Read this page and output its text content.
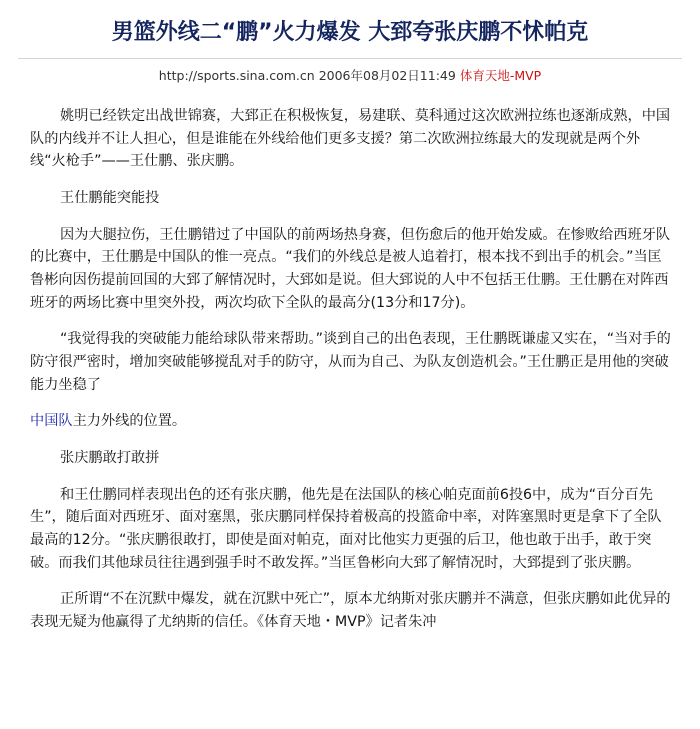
男篮外线二“鹏”火力爆发 大郅夸张庆鹏不怵帕克
http://sports.sina.com.cn 2006年08月02日11:49 体育天地-MVP

姚明已经铁定出战世锦赛，大郅正在积极恢复，易建联、莫科通过这次欧洲拉练也逐渐成熟，中国队的内线并不让人担心，但是谁能在外线给他们更多支援？第二次欧洲拉练最大的发现就是两个外线“火枪手”——王仕鹏、张庆鹏。

王仕鹏能突能投

因为大腿拉伤，王仕鹏错过了中国队的前两场热身赛，但伤愈后的他开始发威。在惨败给西班牙队的比赛中，王仕鹏是中国队的惟一亮点。“我们的外线总是被人追着打，根本找不到出手的机会。”当匡鲁彬向因伤提前回国的大郅了解情况时，大郅如是说。但大郅说的人中不包括王仕鹏。王仕鹏在对阵西班牙的两场比赛中里突外投，两次均砍下全队的最高分(13分和17分)。

“我觉得我的突破能力能给球队带来帮助。”谈到自己的出色表现，王仕鹏既谦虚又实在，“当对手的防守很严密时，增加突破能够搅乱对手的防守，从而为自己、为队友创造机会。”王仕鹏正是用他的突破能力坐稳了

中国队主力外线的位置。

张庆鹏敢打敢拼

和王仕鹏同样表现出色的还有张庆鹏，他先是在法国队的核心帕克面前6投6中，成为“百分百先生”，随后面对西班牙、面对塞黑，张庆鹏同样保持着极高的投篮命中率，对阵塞黑时更是拿下了全队最高的12分。“张庆鹏很敢打，即使是面对帕克，面对比他实力更强的后卫，他也敢于出手，敢于突破。而我们其他球员往往遇到强手时不敢发挥。”当匡鲁彬向大郅了解情况时，大郅提到了张庆鹏。

正所谓“不在沉默中爆发，就在沉默中死亡”，原本尤纳斯对张庆鹏并不满意，但张庆鹏如此优异的表现无疑为他赢得了尤纳斯的信任。《体育天地・MVP》记者朱冲
